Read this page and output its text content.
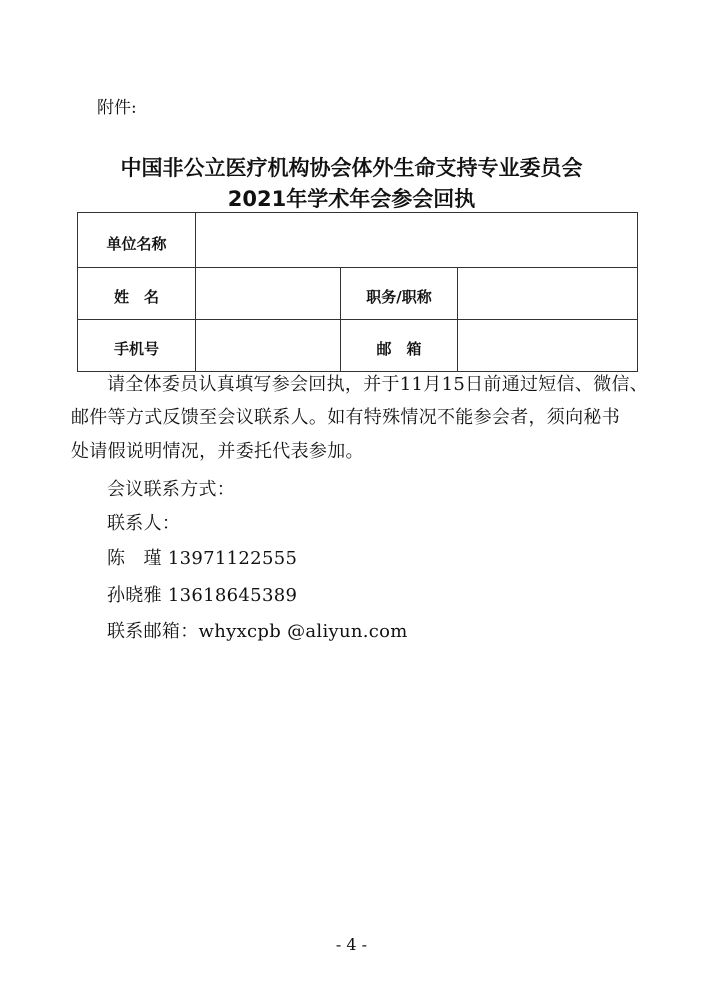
附件:
中国非公立医疗机构协会体外生命支持专业委员会
2021年学术年会参会回执
单位名称			
姓　名		职务/职称	
手机号		邮　箱	
请全体委员认真填写参会回执，并于11月15日前通过短信、微信、
邮件等方式反馈至会议联系人。如有特殊情况不能参会者，须向秘书
处请假说明情况，并委托代表参加。
会议联系方式：
联系人：
陈　瑾 13971122555
孙晓雅 13618645389
联系邮箱：whyxcpb @aliyun.com
- 4 -
